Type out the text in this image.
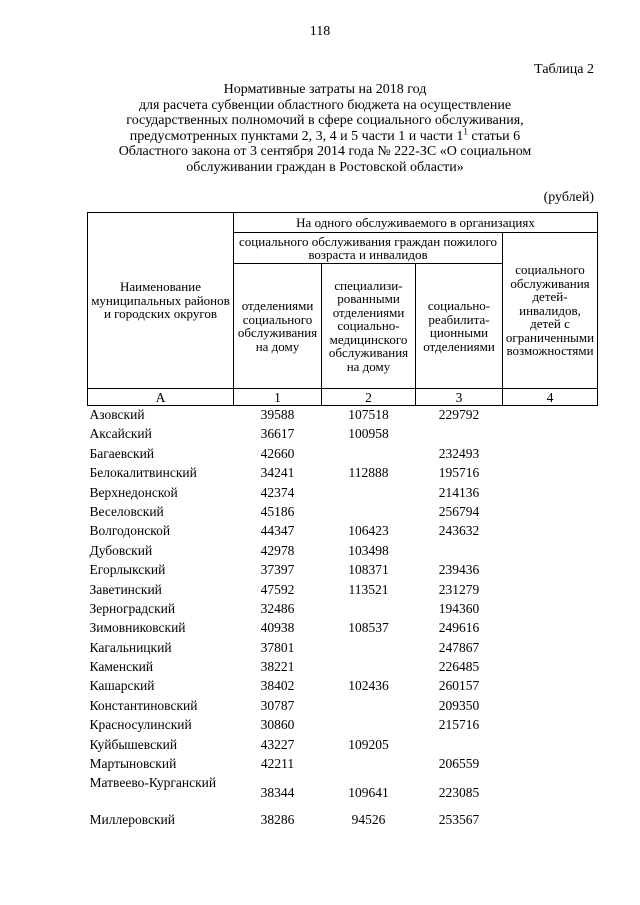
118
Таблица 2
Нормативные затраты на 2018 год
для расчета субвенции областного бюджета на осуществление
государственных полномочий в сфере социального обслуживания,
предусмотренных пунктами 2, 3, 4 и 5 части 1 и части $1^1$ статьи 6
Областного закона от 3 сентября 2014 года № 222-ЗС «О социальном
обслуживании граждан в Ростовской области»
(рублей)
Наименование муниципальных районов и городских округов	На одного обслуживаемого в организациях			
	социального обслуживания граждан пожилого возраста и инвалидов			социального обслуживания детей-инвалидов, детей с ограниченными возможностями
	отделениями социального обслуживания на дому	специализированными отделениями социально-медицинского обслуживания на дому	социально-реабилитационными отделениями	
А	1	2	3	4
Азовский	39588	107518	229792	
Аксайский	36617	100958		
Багаевский	42660		232493	
Белокалитвинский	34241	112888	195716	
Верхнедонской	42374		214136	
Веселовский	45186		256794	
Волгодонской	44347	106423	243632	
Дубовский	42978	103498		
Егорлыкский	37397	108371	239436	
Заветинский	47592	113521	231279	
Зерноградский	32486		194360	
Зимовниковский	40938	108537	249616	
Кагальницкий	37801		247867	
Каменский	38221		226485	
Кашарский	38402	102436	260157	
Константиновский	30787		209350	
Красносулинский	30860		215716	
Куйбышевский	43227	109205		
Мартыновский	42211		206559	
Матвеево-Курганский	38344	109641	223085	
Миллеровский	38286	94526	253567	
